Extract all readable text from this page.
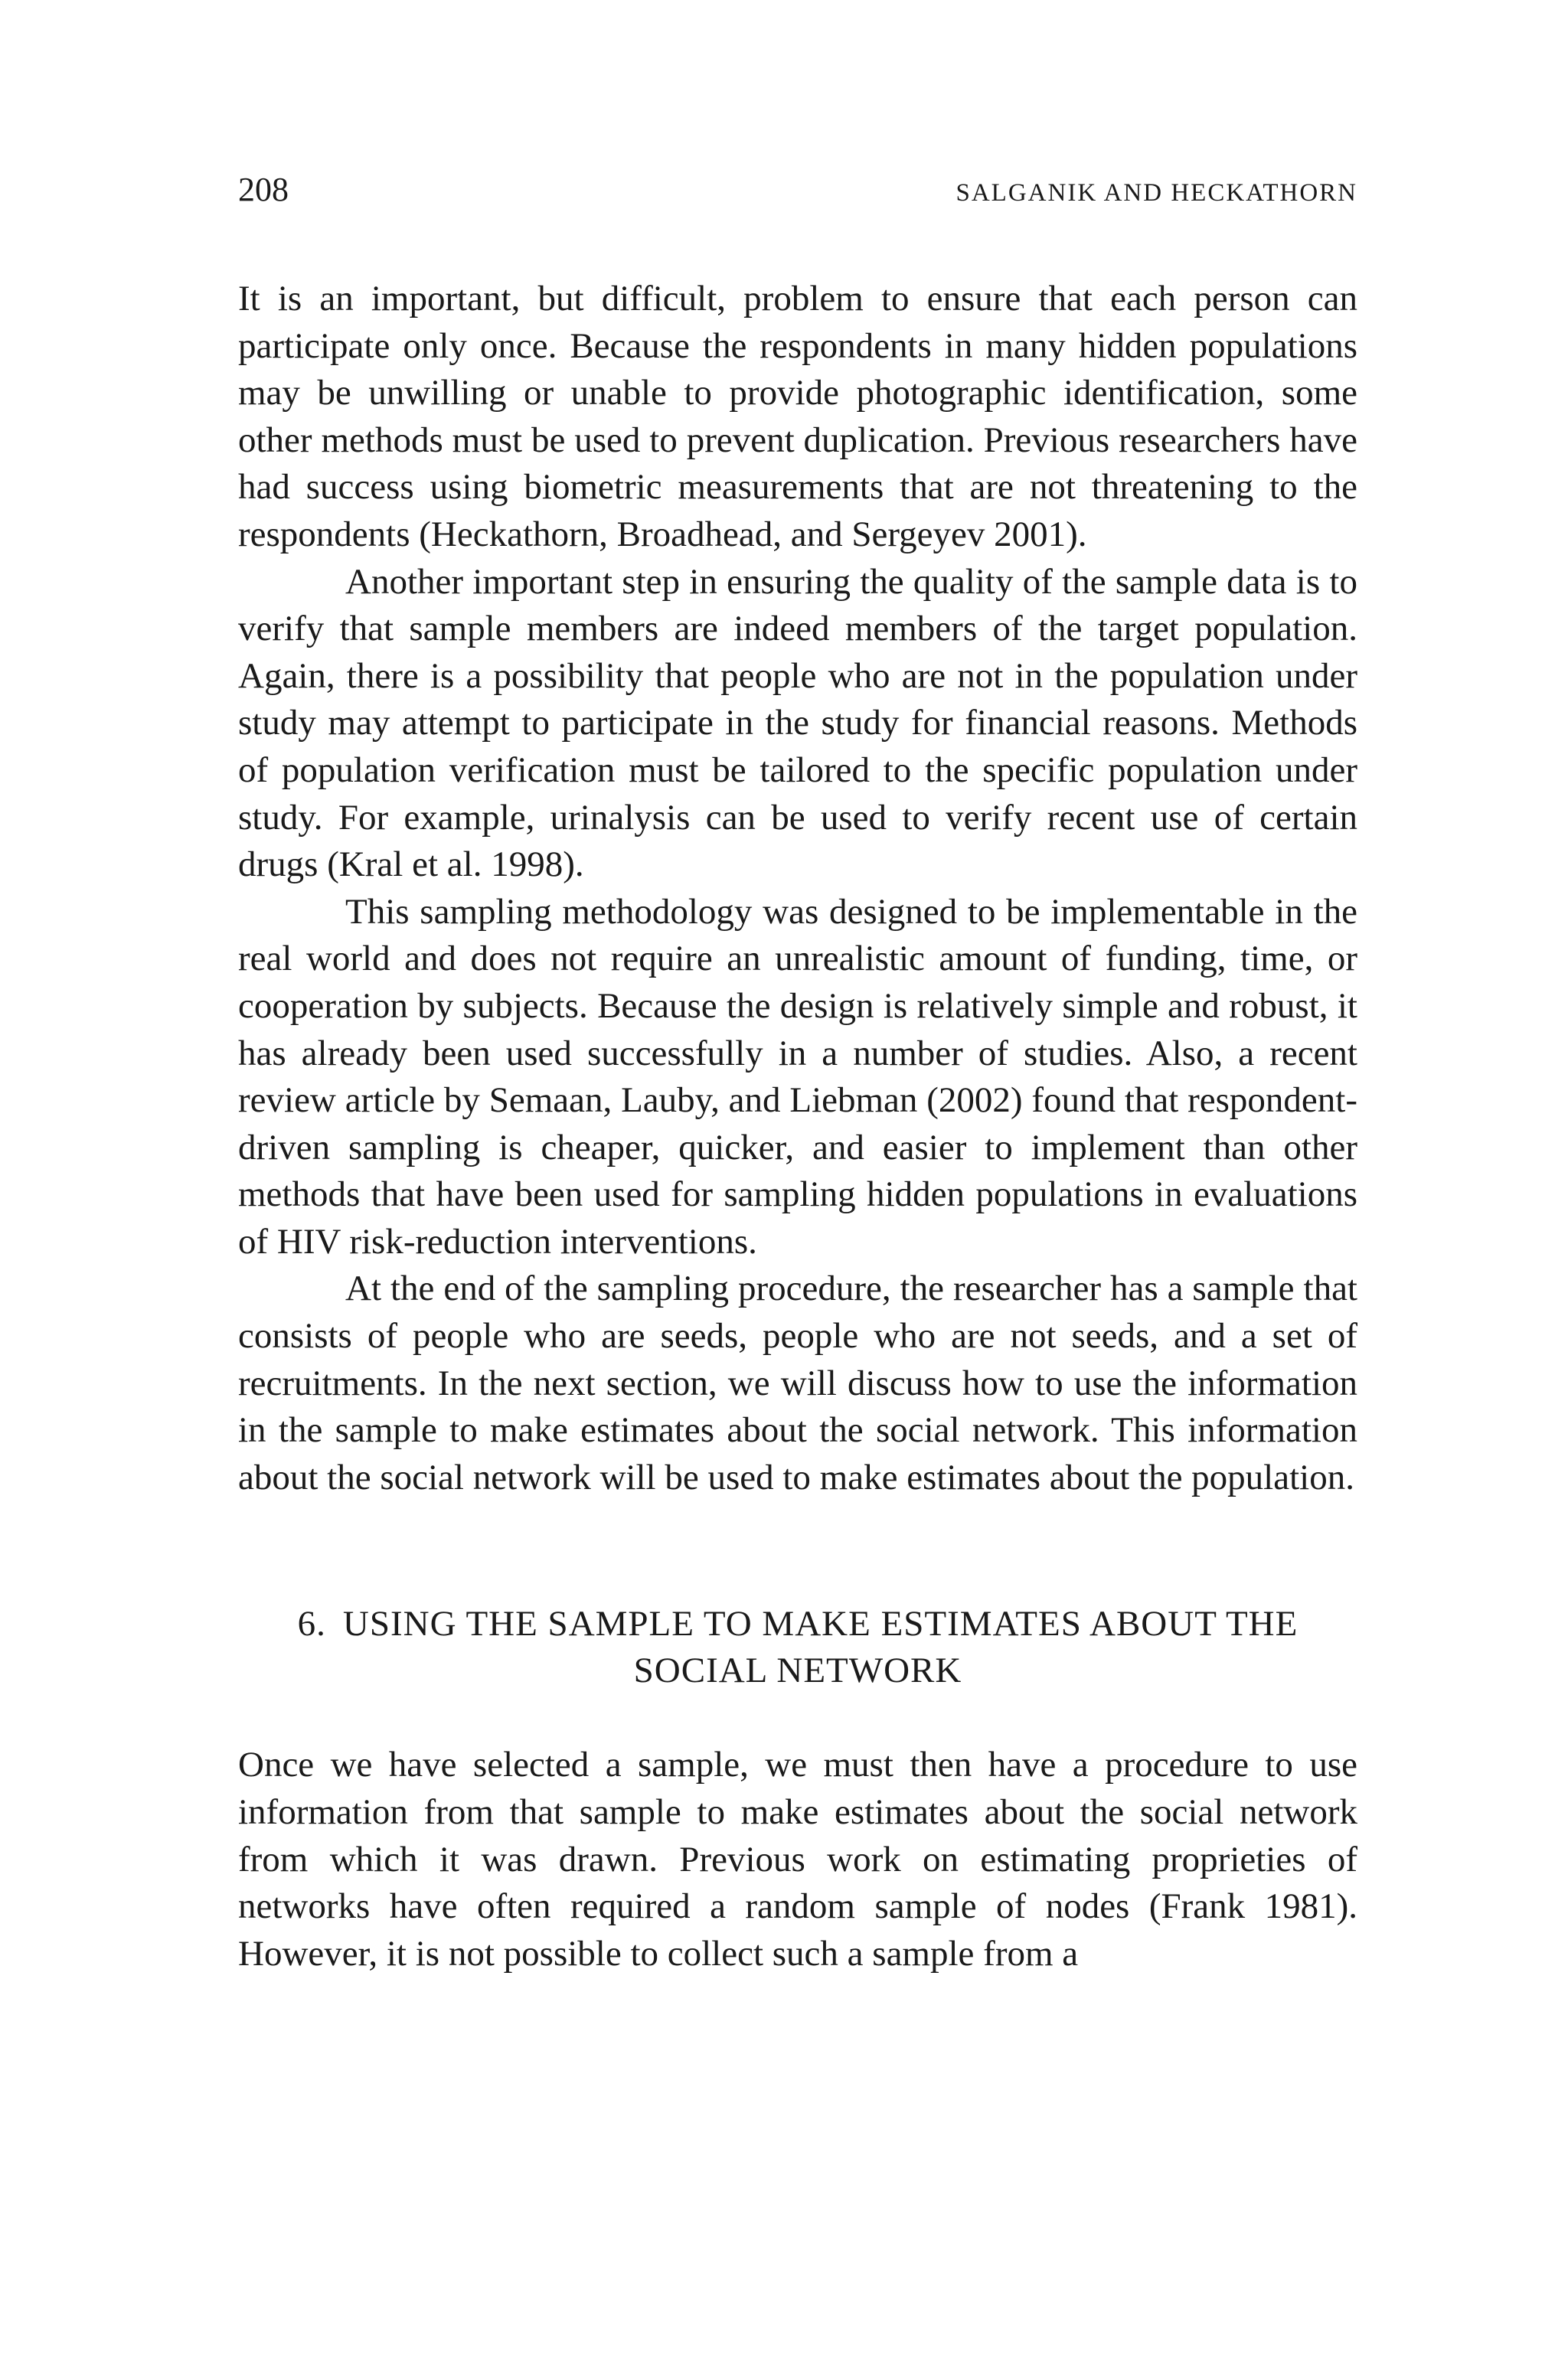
208	SALGANIK AND HECKATHORN

It is an important, but difficult, problem to ensure that each person can participate only once. Because the respondents in many hidden populations may be unwilling or unable to provide photographic identification, some other methods must be used to prevent duplication. Previous researchers have had success using biometric measurements that are not threatening to the respondents (Heckathorn, Broadhead, and Sergeyev 2001).

Another important step in ensuring the quality of the sample data is to verify that sample members are indeed members of the target population. Again, there is a possibility that people who are not in the population under study may attempt to participate in the study for financial reasons. Methods of population verification must be tailored to the specific population under study. For example, urinalysis can be used to verify recent use of certain drugs (Kral et al. 1998).

This sampling methodology was designed to be implementable in the real world and does not require an unrealistic amount of funding, time, or cooperation by subjects. Because the design is relatively simple and robust, it has already been used successfully in a number of studies. Also, a recent review article by Semaan, Lauby, and Liebman (2002) found that respondent-driven sampling is cheaper, quicker, and easier to implement than other methods that have been used for sampling hidden populations in evaluations of HIV risk-reduction interventions.

At the end of the sampling procedure, the researcher has a sample that consists of people who are seeds, people who are not seeds, and a set of recruitments. In the next section, we will discuss how to use the information in the sample to make estimates about the social network. This information about the social network will be used to make estimates about the population.

6. USING THE SAMPLE TO MAKE ESTIMATES ABOUT THE
SOCIAL NETWORK

Once we have selected a sample, we must then have a procedure to use information from that sample to make estimates about the social network from which it was drawn. Previous work on estimating proprieties of networks have often required a random sample of nodes (Frank 1981). However, it is not possible to collect such a sample from a
